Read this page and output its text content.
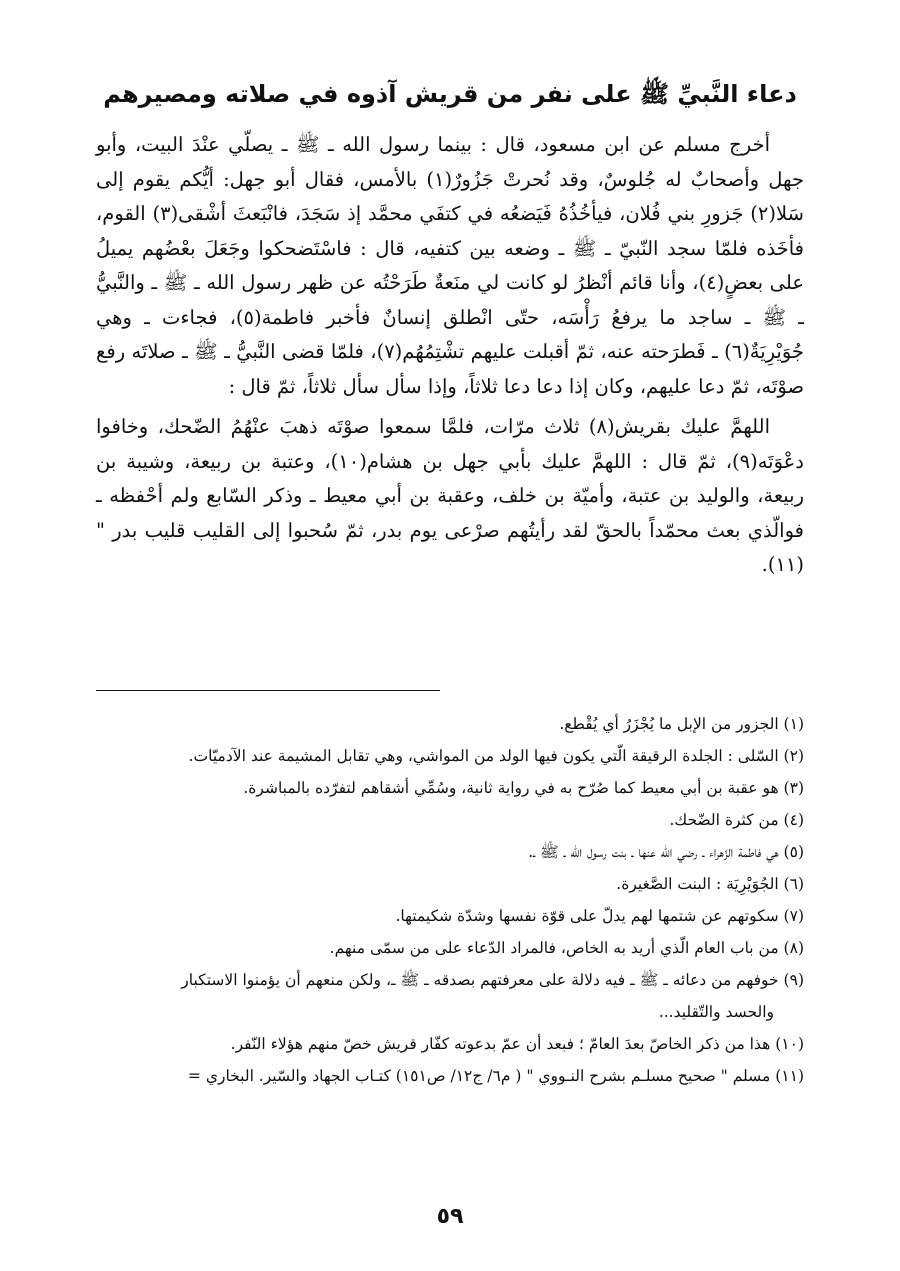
دعاء النَّبيِّ ﷺ على نفر من قريش آذوه في صلاته ومصيرهم

أخرج مسلم عن ابن مسعود، قال : بينما رسول الله ـ ﷺ ـ يصلّي عنْدَ البيت، وأبو جهل وأصحابٌ له جُلوسٌ، وقد نُحرتْ جَزُورٌ(١) بالأمس، فقال أبو جهل: أيُّكم يقوم إلى سَلا(٢) جَزورِ بني فُلان، فيأخُذُهُ فَيَضعُه في كتفَي محمَّد إذ سَجَدَ، فانْبَعثَ أشْقى(٣) القوم، فأخَذه فلمّا سجد النّبيّ ـ ﷺ ـ وضعه بين كتفيه، قال : فاسْتَضحكوا وجَعَلَ بعْضُهم يميلُ على بعضٍ(٤)، وأنا قائم أنْظرُ لو كانت لي منَعةٌ طَرَحْتُه عن ظهر رسول الله ـ ﷺ ـ والنَّبيُّ ـ ﷺ ـ ساجد ما يرفعُ رَأْسَه، حتّى انْطلق إنسانٌ فأخبر فاطمة(٥)، فجاءت ـ وهي جُوَيْرِيَةٌ(٦) ـ فَطرَحته عنه، ثمّ أقبلت عليهم تشْتِمُهُم(٧)، فلمّا قضى النَّبيُّ ـ ﷺ ـ صلاتَه رفع صوْتَه، ثمّ دعا عليهم، وكان إذا دعا دعا ثلاثاً، وإذا سأل سأل ثلاثاً، ثمّ قال :

اللهمَّ عليك بقريش(٨) ثلاث مرّات، فلمَّا سمعوا صوْتَه ذهبَ عنْهُمُ الضّحك، وخافوا دعْوَتَه(٩)، ثمّ قال : اللهمَّ عليك بأبي جهل بن هشام(١٠)، وعتبة بن ربيعة، وشيبة بن ربيعة، والوليد بن عتبة، وأميّة بن خلف، وعقبة بن أبي معيط ـ وذكر السّابع ولم أحْفظه ـ فوالّذي بعث محمّداً بالحقّ لقد رأيتُهم صرْعى يوم بدر، ثمّ سُحبوا إلى القليب قليب بدر "(١١).

(١) الجزور من الإبل ما يُجْزَرُ أي يُقْطع.
(٢) السّلى : الجلدة الرقيقة الّتي يكون فيها الولد من المواشي، وهي تقابل المشيمة عند الآدميّات.
(٣) هو عقبة بن أبي معيط كما صُرّح به في رواية ثانية، وسُمِّي أشقاهم لتفرّده بالمباشرة.
(٤) من كثرة الضّحك.
(٥) هي فاطمة الزّهراء ـ رضي الله عنها ـ بنت رسول الله ـ ﷺ ـ.
(٦) الجُوَيْرِيَة : البنت الصَّغيرة.
(٧) سكوتهم عن شتمها لهم يدلّ على قوّة نفسها وشدّة شكيمتها.
(٨) من باب العام الّذي أريد به الخاص، فالمراد الدّعاء على من سمّى منهم.
(٩) خوفهم من دعائه ـ ﷺ ـ فيه دلالة على معرفتهم بصدقه ـ ﷺ ـ، ولكن منعهم أن يؤمنوا الاستكبار
والحسد والتّقليد...
(١٠) هذا من ذكر الخاصّ بعدَ العامّ ؛ فبعد أن عمّ بدعوته كفّار قريش خصّ منهم هؤلاء النّفر.
(١١) مسلم " صحيح مسلـم بشرح النـووي " ( م٦/ ج١٢/ ص١٥١) كتـاب الجهاد والسّير. البخاري =
٥٩
